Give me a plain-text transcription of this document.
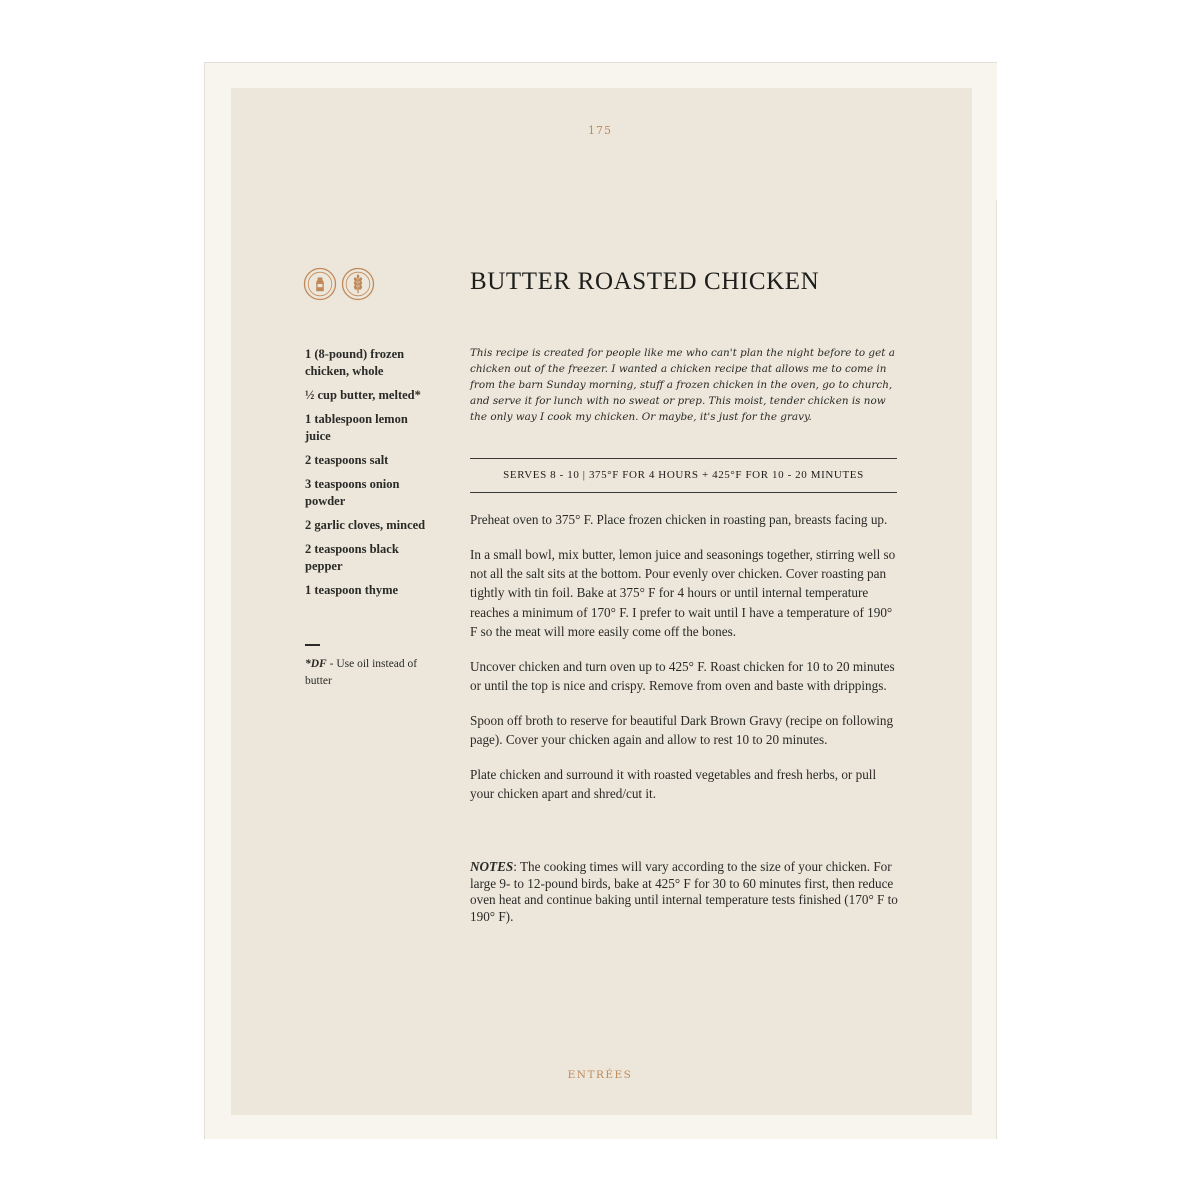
175
BUTTER ROASTED CHICKEN
1 (8-pound) frozen chicken, whole
½ cup butter, melted*
1 tablespoon lemon juice
2 teaspoons salt
3 teaspoons onion powder
2 garlic cloves, minced
2 teaspoons black pepper
1 teaspoon thyme
*DF - Use oil instead of butter

This recipe is created for people like me who can't plan the night before to get a chicken out of the freezer. I wanted a chicken recipe that allows me to come in from the barn Sunday morning, stuff a frozen chicken in the oven, go to church, and serve it for lunch with no sweat or prep. This moist, tender chicken is now the only way I cook my chicken. Or maybe, it's just for the gravy.

SERVES 8 - 10 | 375°F FOR 4 HOURS + 425°F FOR 10 - 20 MINUTES

Preheat oven to 375° F. Place frozen chicken in roasting pan, breasts facing up.

In a small bowl, mix butter, lemon juice and seasonings together, stirring well so not all the salt sits at the bottom. Pour evenly over chicken. Cover roasting pan tightly with tin foil. Bake at 375° F for 4 hours or until internal temperature reaches a minimum of 170° F. I prefer to wait until I have a temperature of 190° F so the meat will more easily come off the bones.

Uncover chicken and turn oven up to 425° F. Roast chicken for 10 to 20 minutes or until the top is nice and crispy. Remove from oven and baste with drippings.

Spoon off broth to reserve for beautiful Dark Brown Gravy (recipe on following page). Cover your chicken again and allow to rest 10 to 20 minutes.

Plate chicken and surround it with roasted vegetables and fresh herbs, or pull your chicken apart and shred/cut it.

NOTES: The cooking times will vary according to the size of your chicken. For large 9- to 12-pound birds, bake at 425° F for 30 to 60 minutes first, then reduce oven heat and continue baking until internal temperature tests finished (170° F to 190° F).

ENTRÉES
